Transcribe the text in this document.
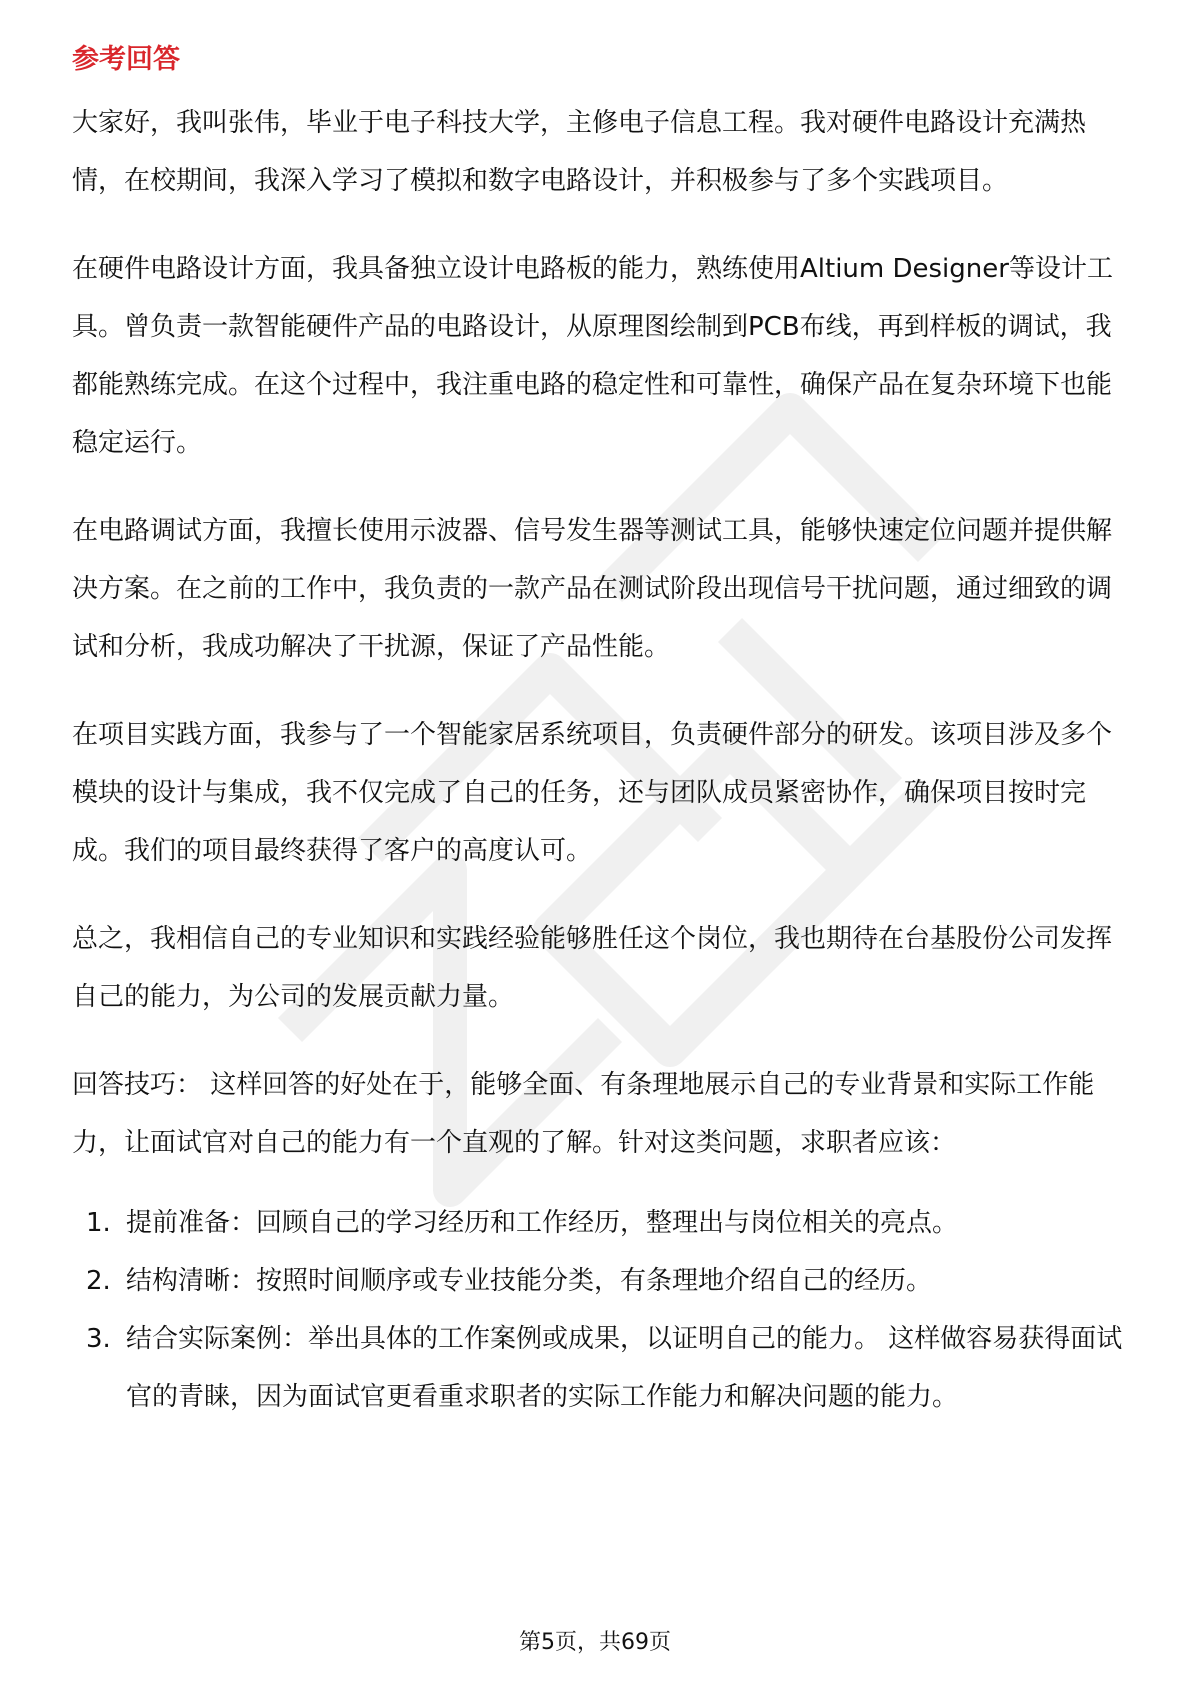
参考回答

大家好，我叫张伟，毕业于电子科技大学，主修电子信息工程。我对硬件电路设计充满热情，在校期间，我深入学习了模拟和数字电路设计，并积极参与了多个实践项目。

在硬件电路设计方面，我具备独立设计电路板的能力，熟练使用Altium Designer等设计工具。曾负责一款智能硬件产品的电路设计，从原理图绘制到PCB布线，再到样板的调试，我都能熟练完成。在这个过程中，我注重电路的稳定性和可靠性，确保产品在复杂环境下也能稳定运行。

在电路调试方面，我擅长使用示波器、信号发生器等测试工具，能够快速定位问题并提供解决方案。在之前的工作中，我负责的一款产品在测试阶段出现信号干扰问题，通过细致的调试和分析，我成功解决了干扰源，保证了产品性能。

在项目实践方面，我参与了一个智能家居系统项目，负责硬件部分的研发。该项目涉及多个模块的设计与集成，我不仅完成了自己的任务，还与团队成员紧密协作，确保项目按时完成。我们的项目最终获得了客户的高度认可。

总之，我相信自己的专业知识和实践经验能够胜任这个岗位，我也期待在台基股份公司发挥自己的能力，为公司的发展贡献力量。

回答技巧： 这样回答的好处在于，能够全面、有条理地展示自己的专业背景和实际工作能力，让面试官对自己的能力有一个直观的了解。针对这类问题，求职者应该：

1. 提前准备：回顾自己的学习经历和工作经历，整理出与岗位相关的亮点。
2. 结构清晰：按照时间顺序或专业技能分类，有条理地介绍自己的经历。
3. 结合实际案例：举出具体的工作案例或成果，以证明自己的能力。 这样做容易获得面试官的青睐，因为面试官更看重求职者的实际工作能力和解决问题的能力。
第5页，共69页
